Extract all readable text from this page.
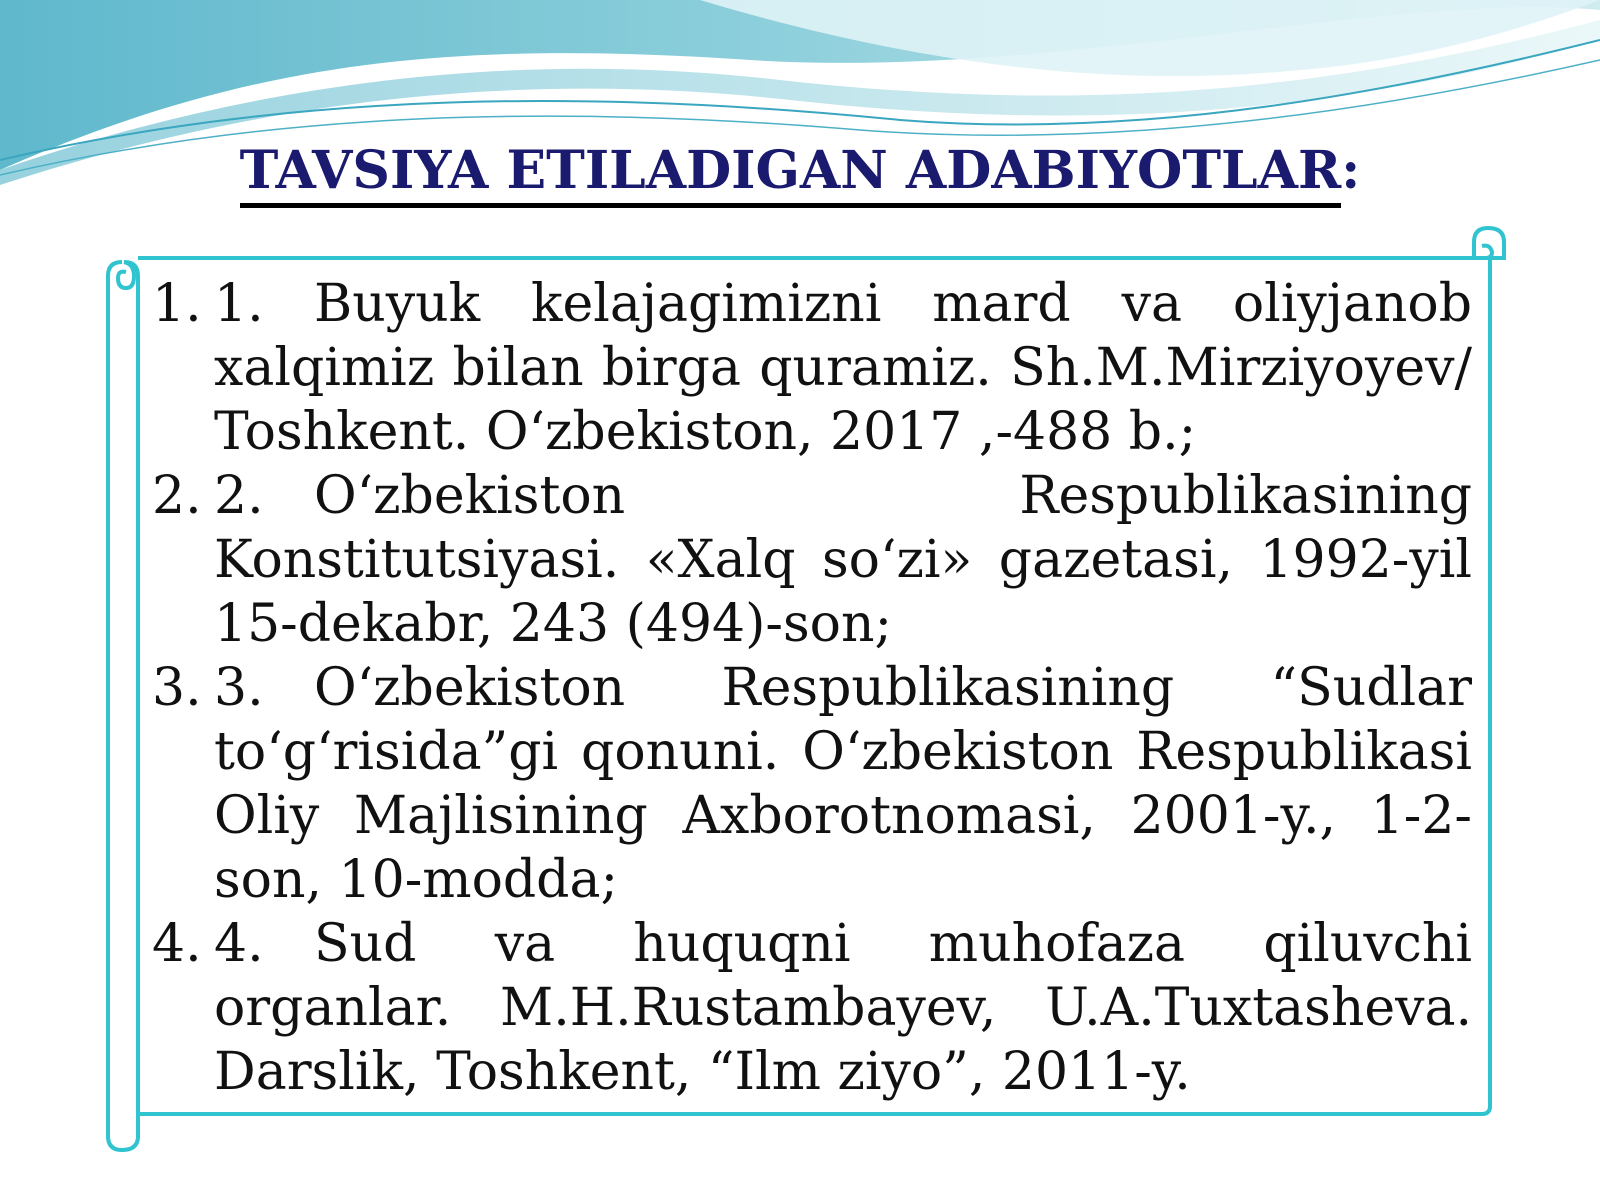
TAVSIYA ETILADIGAN ADABIYOTLAR:
1. 1. Buyuk kelajagimizni mard va oliyjanob xalqimiz bilan birga quramiz. Sh.M.Mirziyoyev/ Toshkent. O‘zbekiston, 2017 ,-488 b.;
2. 2. O‘zbekiston Respublikasining Konstitutsiyasi. «Xalq so‘zi» gazetasi, 1992-yil 15-dekabr, 243 (494)-son;
3. 3. O‘zbekiston Respublikasining “Sudlar to‘g‘risida”gi qonuni. O‘zbekiston Respublikasi Oliy Majlisining Axborotnomasi, 2001-y., 1-2-son, 10-modda;
4. 4. Sud va huquqni muhofaza qiluvchi organlar. M.H.Rustambayev, U.A.Tuxtasheva. Darslik, Toshkent, “Ilm ziyo”, 2011-y.
